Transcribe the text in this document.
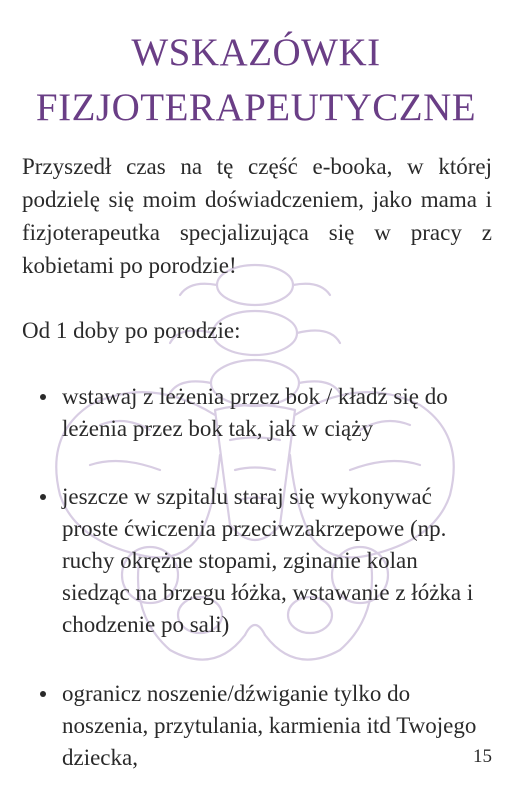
WSKAZÓWKI
FIZJOTERAPEUTYCZNE

Przyszedł czas na tę część e-booka, w której podzielę się moim doświadczeniem, jako mama i fizjoterapeutka specjalizująca się w pracy z kobietami po porodzie!

Od 1 doby po porodzie:

wstawaj z leżenia przez bok / kładź się do leżenia przez bok tak, jak w ciąży

jeszcze w szpitalu staraj się wykonywać proste ćwiczenia przeciwzakrzepowe (np. ruchy okrężne stopami, zginanie kolan siedząc na brzegu łóżka, wstawanie z łóżka i chodzenie po sali)

ogranicz noszenie/dźwiganie tylko do noszenia, przytulania, karmienia itd Twojego dziecka,	15
